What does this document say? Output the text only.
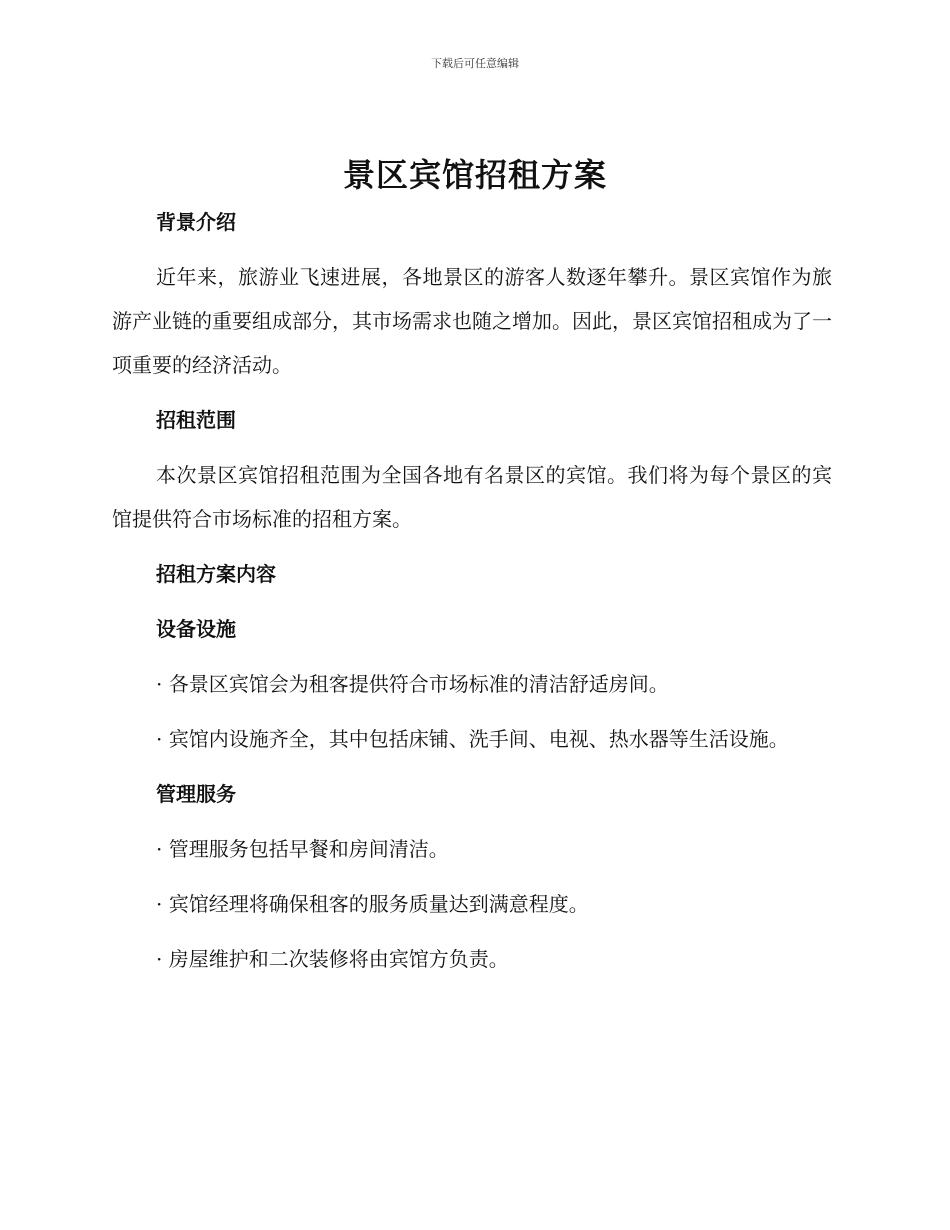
下载后可任意编辑
景区宾馆招租方案
背景介绍

近年来，旅游业飞速进展，各地景区的游客人数逐年攀升。景区宾馆作为旅游产业链的重要组成部分，其市场需求也随之增加。因此，景区宾馆招租成为了一项重要的经济活动。

招租范围

本次景区宾馆招租范围为全国各地有名景区的宾馆。我们将为每个景区的宾馆提供符合市场标准的招租方案。

招租方案内容
设备设施

· 各景区宾馆会为租客提供符合市场标准的清洁舒适房间。

· 宾馆内设施齐全，其中包括床铺、洗手间、电视、热水器等生活设施。

管理服务

· 管理服务包括早餐和房间清洁。

· 宾馆经理将确保租客的服务质量达到满意程度。

· 房屋维护和二次装修将由宾馆方负责。
